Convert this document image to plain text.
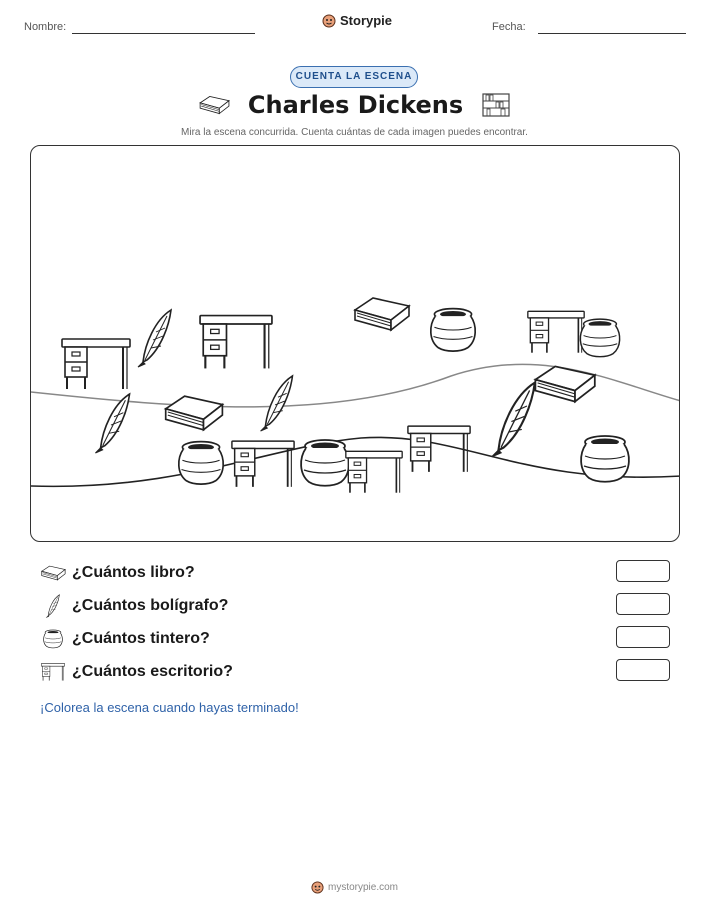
Nombre:	Fecha:
Storypie
CUENTA LA ESCENA
Charles Dickens
Mira la escena concurrida. Cuenta cuántas de cada imagen puedes encontrar.
¿Cuántos libro?
¿Cuántos bolígrafo?
¿Cuántos tintero?
¿Cuántos escritorio?
¡Colorea la escena cuando hayas terminado!
mystorypie.com
